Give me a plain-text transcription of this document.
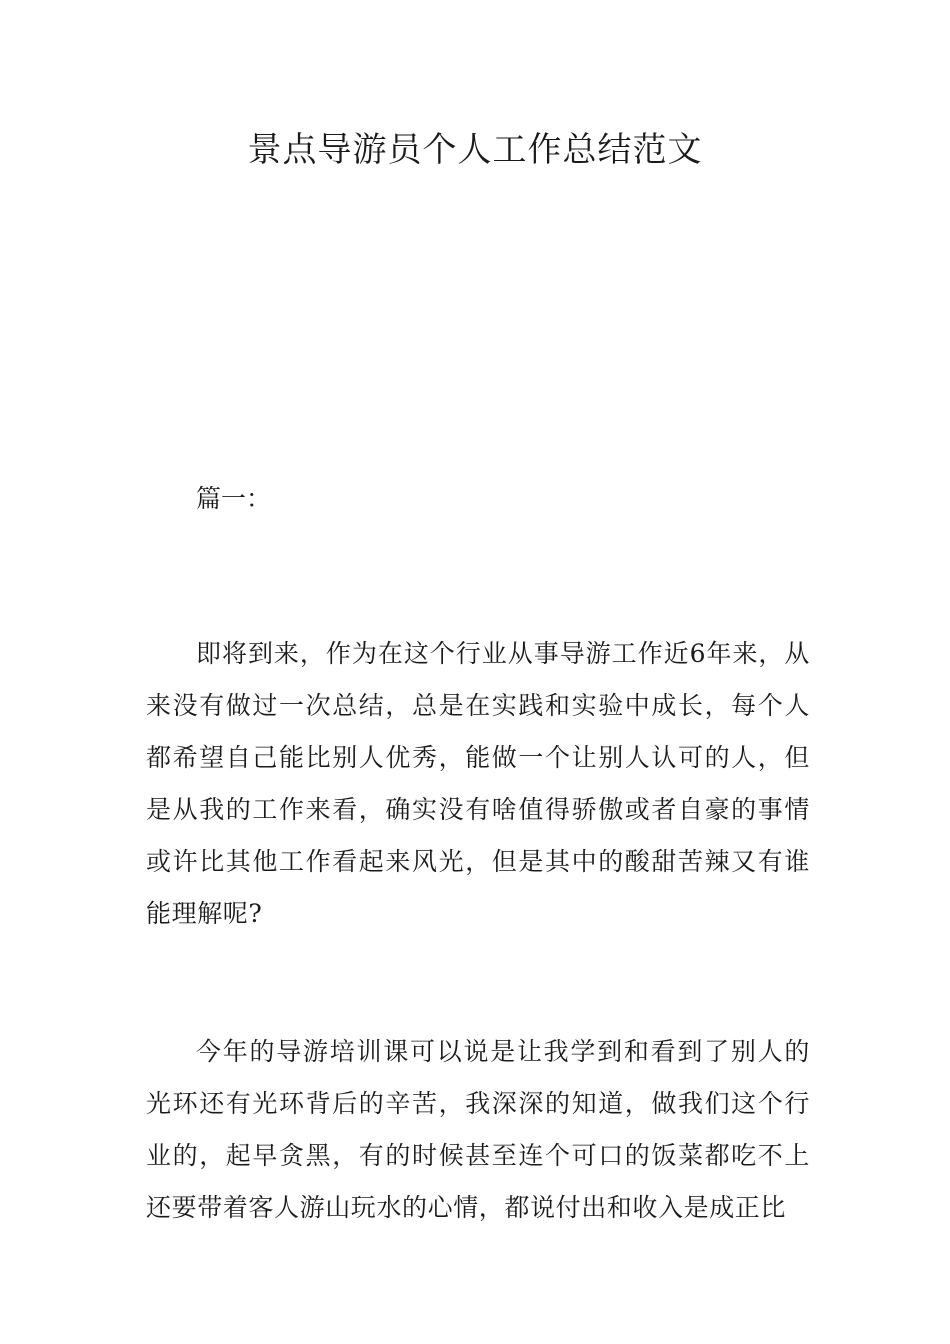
景点导游员个人工作总结范文

篇一：

即将到来，作为在这个行业从事导游工作近6年来，从来没有做过一次总结，总是在实践和实验中成长，每个人都希望自己能比别人优秀，能做一个让别人认可的人，但是从我的工作来看，确实没有啥值得骄傲或者自豪的事情或许比其他工作看起来风光，但是其中的酸甜苦辣又有谁能理解呢?

今年的导游培训课可以说是让我学到和看到了别人的光环还有光环背后的辛苦，我深深的知道，做我们这个行业的，起早贪黑，有的时候甚至连个可口的饭菜都吃不上还要带着客人游山玩水的心情，都说付出和收入是成正比
